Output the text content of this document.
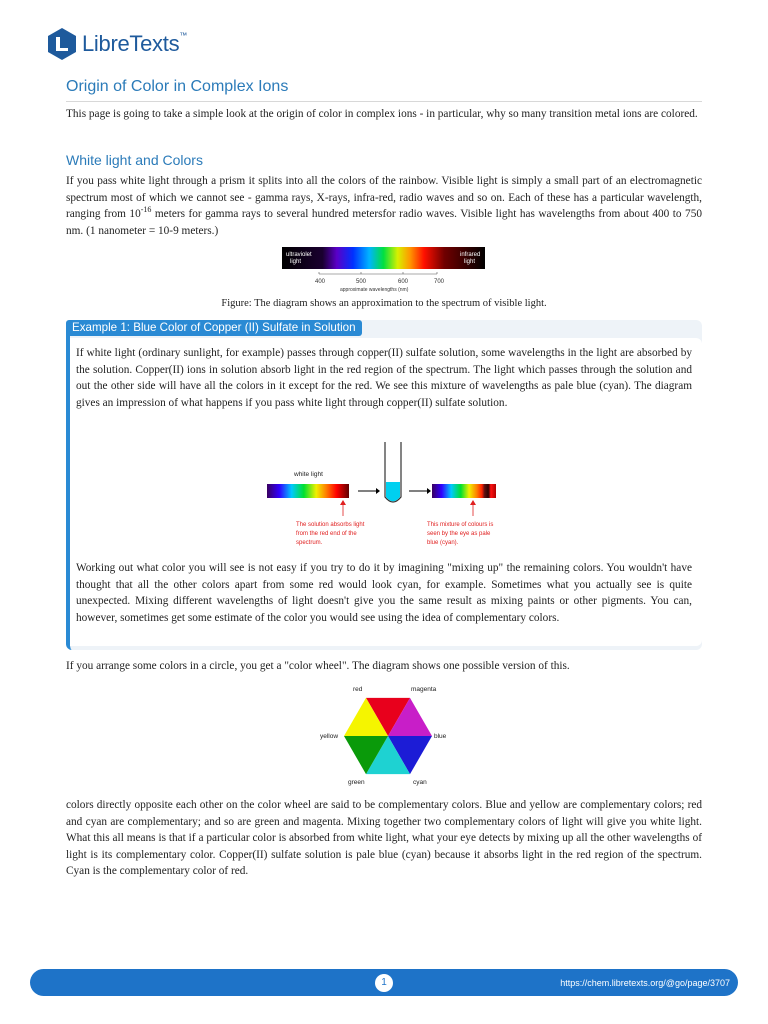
LibreTexts™
Origin of Color in Complex Ions

This page is going to take a simple look at the origin of color in complex ions - in particular, why so many transition metal ions are colored.

White light and Colors

If you pass white light through a prism it splits into all the colors of the rainbow. Visible light is simply a small part of an electromagnetic spectrum most of which we cannot see - gamma rays, X-rays, infra-red, radio waves and so on. Each of these has a particular wavelength, ranging from $10^{-16}$ meters for gamma rays to several hundred metersfor radio waves. Visible light has wavelengths from about 400 to 750 nm. (1 nanometer = 10-9 meters.)

ultraviolet
light
infrared
light
400	500	600	700
approximate wavelengths (nm)
Figure: The diagram shows an approximation to the spectrum of visible light.
Example 1: Blue Color of Copper (II) Sulfate in Solution

If white light (ordinary sunlight, for example) passes through copper(II) sulfate solution, some wavelengths in the light are absorbed by the solution. Copper(II) ions in solution absorb light in the red region of the spectrum. The light which passes through the solution and out the other side will have all the colors in it except for the red. We see this mixture of wavelengths as pale blue (cyan). The diagram gives an impression of what happens if you pass white light through copper(II) sulfate solution.

white light
The solution absorbs light
from the red end of the
spectrum.
This mixture of colours is
seen by the eye as pale
blue (cyan).

Working out what color you will see is not easy if you try to do it by imagining "mixing up" the remaining colors. You wouldn't have thought that all the other colors apart from some red would look cyan, for example. Sometimes what you actually see is quite unexpected. Mixing different wavelengths of light doesn't give you the same result as mixing paints or other pigments. You can, however, sometimes get some estimate of the color you would see using the idea of complementary colors.

If you arrange some colors in a circle, you get a "color wheel". The diagram shows one possible version of this.

red	magenta
yellow	blue
green	cyan

colors directly opposite each other on the color wheel are said to be complementary colors. Blue and yellow are complementary colors; red and cyan are complementary; and so are green and magenta. Mixing together two complementary colors of light will give you white light. What this all means is that if a particular color is absorbed from white light, what your eye detects by mixing up all the other wavelengths of light is its complementary color. Copper(II) sulfate solution is pale blue (cyan) because it absorbs light in the red region of the spectrum. Cyan is the complementary color of red.

1	https://chem.libretexts.org/@go/page/3707
